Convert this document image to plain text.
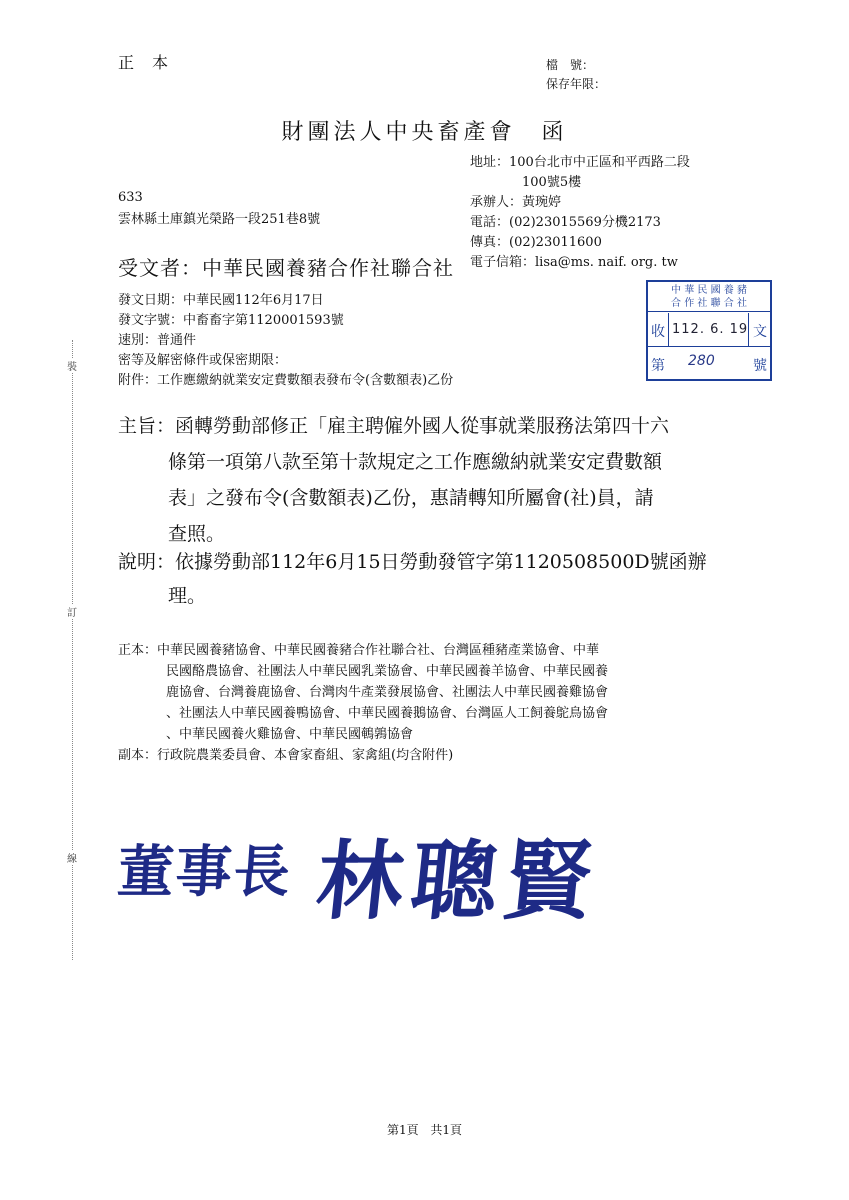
正本	檔　號：
保存年限：
財團法人中央畜產會　函
地址：100台北市中正區和平西路二段
100號5樓
承辦人：黃琬婷
電話：(02)23015569分機2173
傳真：(02)23011600
電子信箱：lisa@ms. naif. org. tw
633
雲林縣土庫鎮光榮路一段251巷8號
受文者：中華民國養豬合作社聯合社
中 華 民 國 養 豬
合 作 社 聯 合 社
收 112. 6. 19 文
第 280	號
發文日期：中華民國112年6月17日
發文字號：中畜畜字第1120001593號
速別：普通件
密等及解密條件或保密期限：
附件：工作應繳納就業安定費數額表發布令(含數額表)乙份
主旨：函轉勞動部修正「雇主聘僱外國人從事就業服務法第四十六
條第一項第八款至第十款規定之工作應繳納就業安定費數額
表」之發布令(含數額表)乙份，惠請轉知所屬會(社)員，請
查照。
說明：依據勞動部112年6月15日勞動發管字第1120508500D號函辦
理。
正本：中華民國養豬協會、中華民國養豬合作社聯合社、台灣區種豬產業協會、中華
民國酪農協會、社團法人中華民國乳業協會、中華民國養羊協會、中華民國養
鹿協會、台灣養鹿協會、台灣肉牛產業發展協會、社團法人中華民國養雞協會
、社團法人中華民國養鴨協會、中華民國養鵝協會、台灣區人工飼養鴕鳥協會
、中華民國養火雞協會、中華民國鵪鶉協會
副本：行政院農業委員會、本會家畜組、家禽組(均含附件)
董事長 林聰賢
裝
訂
線
第1頁 共1頁
